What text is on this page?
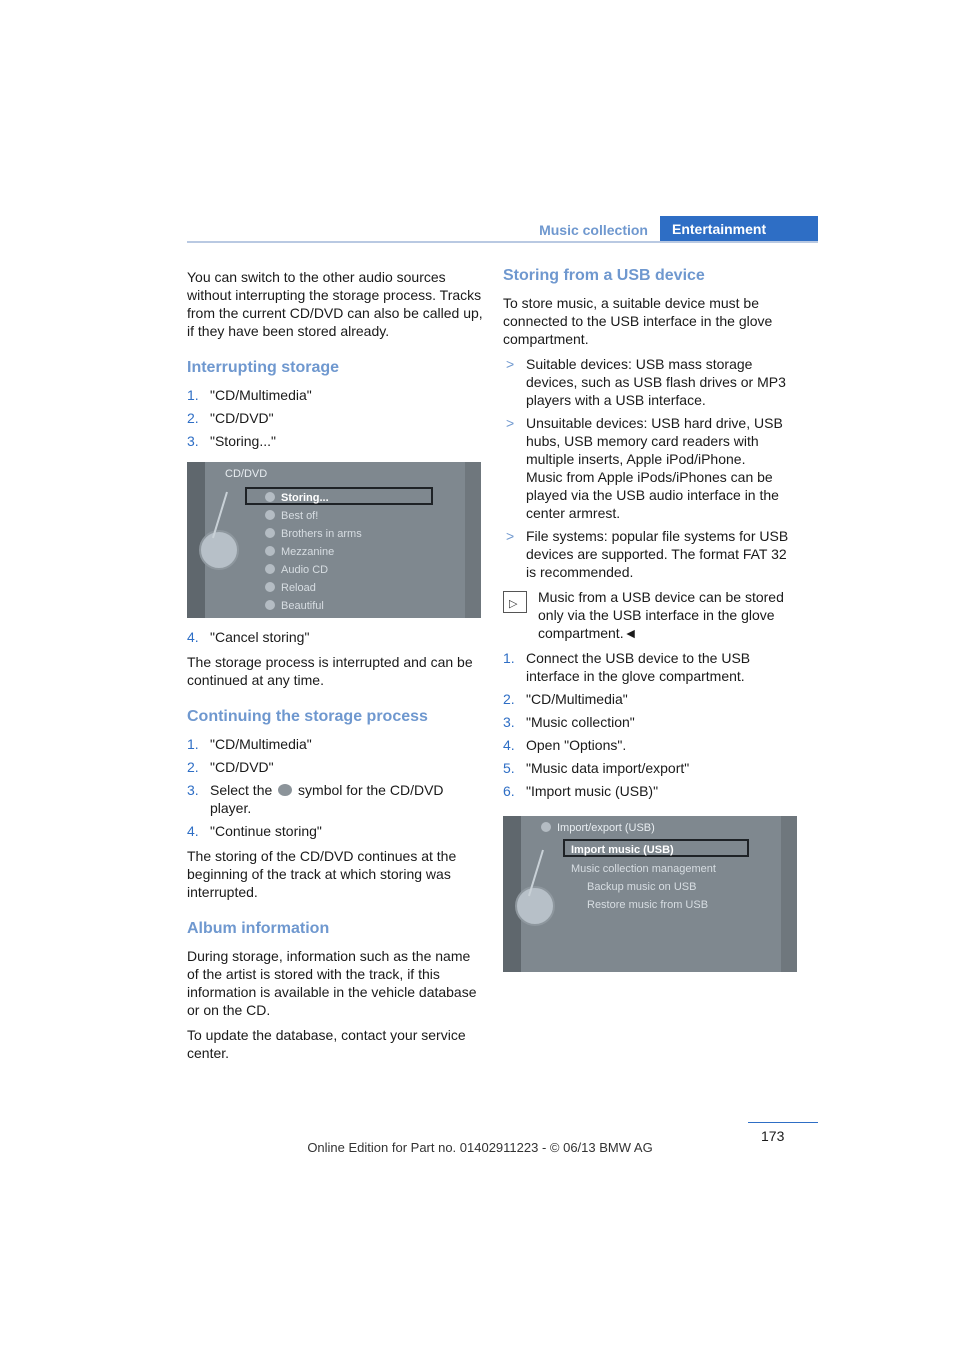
Music collection	Entertainment

You can switch to the other audio sources without interrupting the storage process. Tracks from the current CD/DVD can also be called up, if they have been stored already.

Interrupting storage
1. "CD/Multimedia"
2. "CD/DVD"
3. "Storing..."
CD/DVD
Storing...
Best of!
Brothers in arms
Mezzanine
Audio CD
Reload
Beautiful
4. "Cancel storing"

The storage process is interrupted and can be continued at any time.

Continuing the storage process
1. "CD/Multimedia"
2. "CD/DVD"
3. Select the  symbol for the CD/DVD player.
4. "Continue storing"

The storing of the CD/DVD continues at the beginning of the track at which storing was interrupted.

Album information

During storage, information such as the name of the artist is stored with the track, if this information is available in the vehicle database or on the CD.

To update the database, contact your service center.

Storing from a USB device

To store music, a suitable device must be connected to the USB interface in the glove compartment.

> Suitable devices: USB mass storage devices, such as USB flash drives or MP3 players with a USB interface.
> Unsuitable devices: USB hard drive, USB hubs, USB memory card readers with multiple inserts, Apple iPod/iPhone.
Music from Apple iPods/iPhones can be played via the USB audio interface in the center armrest.
> File systems: popular file systems for USB devices are supported. The format FAT 32 is recommended.
▷ Music from a USB device can be stored only via the USB interface in the glove compartment.◄
1. Connect the USB device to the USB interface in the glove compartment.
2. "CD/Multimedia"
3. "Music collection"
4. Open "Options".
5. "Music data import/export"
6. "Import music (USB)"
Import/export (USB)
Import music (USB)
Music collection management
Backup music on USB
Restore music from USB
173
Online Edition for Part no. 01402911223 - © 06/13 BMW AG
